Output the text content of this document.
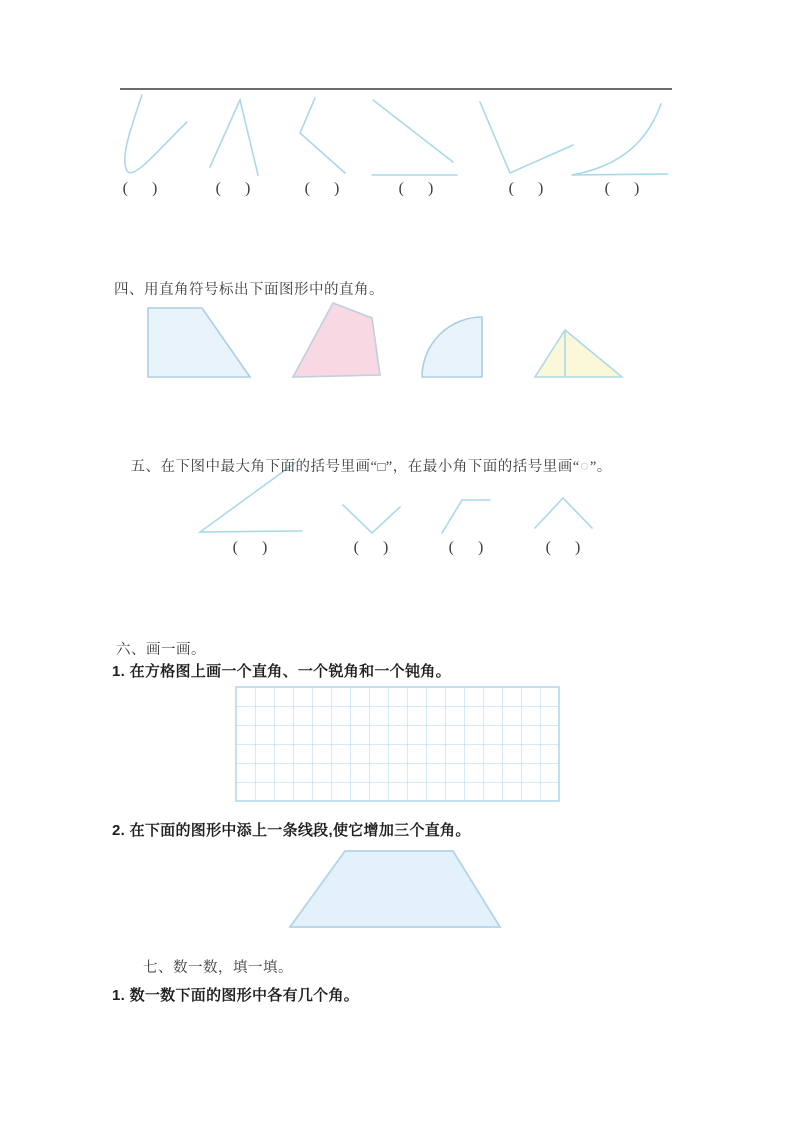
(      )	(      )	(      )	(      )	(      )	(      )
四、用直角符号标出下面图形中的直角。

五、在下图中最大角下面的括号里画“□”，在最小角下面的括号里画“○”。

(      )	(      )	(      )	(      )
六、画一画。
1. 在方格图上画一个直角、一个锐角和一个钝角。
2. 在下面的图形中添上一条线段,使它增加三个直角。
七、数一数，填一填。
1. 数一数下面的图形中各有几个角。
